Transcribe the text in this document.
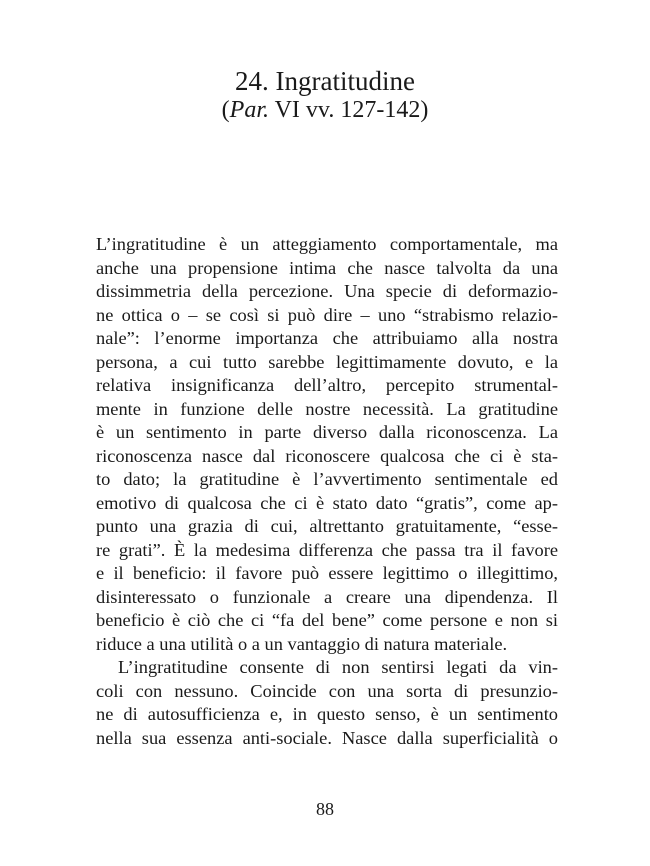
24. Ingratitudine
(Par. VI vv. 127-142)
L’ingratitudine è un atteggiamento comportamentale, ma
anche una propensione intima che nasce talvolta da una
dissimmetria della percezione. Una specie di deformazio-
ne ottica o – se così si può dire – uno “strabismo relazio-
nale”: l’enorme importanza che attribuiamo alla nostra
persona, a cui tutto sarebbe legittimamente dovuto, e la
relativa insignificanza dell’altro, percepito strumental-
mente in funzione delle nostre necessità. La gratitudine
è un sentimento in parte diverso dalla riconoscenza. La
riconoscenza nasce dal riconoscere qualcosa che ci è sta-
to dato; la gratitudine è l’avvertimento sentimentale ed
emotivo di qualcosa che ci è stato dato “gratis”, come ap-
punto una grazia di cui, altrettanto gratuitamente, “esse-
re grati”. È la medesima differenza che passa tra il favore
e il beneficio: il favore può essere legittimo o illegittimo,
disinteressato o funzionale a creare una dipendenza. Il
beneficio è ciò che ci “fa del bene” come persone e non si
riduce a una utilità o a un vantaggio di natura materiale.
L’ingratitudine consente di non sentirsi legati da vin-
coli con nessuno. Coincide con una sorta di presunzio-
ne di autosufficienza e, in questo senso, è un sentimento
nella sua essenza anti-sociale. Nasce dalla superficialità o
88
